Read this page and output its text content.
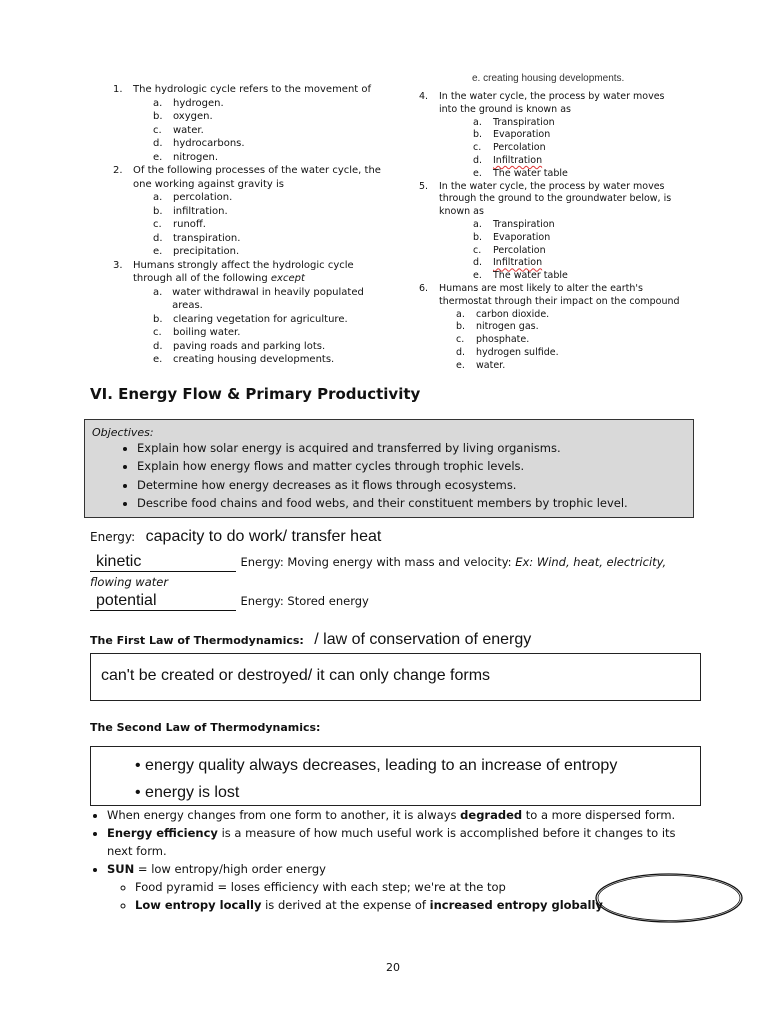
1. The hydrologic cycle refers to the movement of
a.	hydrogen.
b.	oxygen.
c.	water.
d.	hydrocarbons.
e.	nitrogen.
2. Of the following processes of the water cycle, the one working against gravity is
a.	percolation.
b.	infiltration.
c.	runoff.
d.	transpiration.
e.	precipitation.
3. Humans strongly affect the hydrologic cycle through all of the following except
a. water withdrawal in heavily populated areas.
b.	clearing vegetation for agriculture.
c.	boiling water.
d.	paving roads and parking lots.
e.	creating housing developments.
e. creating housing developments.
4. In the water cycle, the process by water moves into the ground is known as
a.	Transpiration
b.	Evaporation
c.	Percolation
d.	Infiltration
e.	The water table
5. In the water cycle, the process by water moves through the ground to the groundwater below, is known as
a.	Transpiration
b.	Evaporation
c.	Percolation
d.	Infiltration
e.	The water table
6. Humans are most likely to alter the earth's thermostat through their impact on the compound
a.	carbon dioxide.
b.	nitrogen gas.
c.	phosphate.
d.	hydrogen sulfide.
e.	water.
VI. Energy Flow & Primary Productivity
Objectives:
• Explain how solar energy is acquired and transferred by living organisms.
• Explain how energy flows and matter cycles through trophic levels.
• Determine how energy decreases as it flows through ecosystems.
• Describe food chains and food webs, and their constituent members by trophic level.
Energy: capacity to do work/ transfer heat
kinetic	Energy: Moving energy with mass and velocity: Ex: Wind, heat, electricity,
flowing water
potential	Energy: Stored energy
The First Law of Thermodynamics: / law of conservation of energy
can't be created or destroyed/ it can only change forms
The Second Law of Thermodynamics:
• energy quality always decreases, leading to an increase of entropy
• energy is lost
• When energy changes from one form to another, it is always degraded to a more dispersed form.
• Energy efficiency is a measure of how much useful work is accomplished before it changes to its next form.
• SUN = low entropy/high order energy
◦ Food pyramid = loses efficiency with each step; we're at the top
◦ Low entropy locally is derived at the expense of increased entropy globally
20
